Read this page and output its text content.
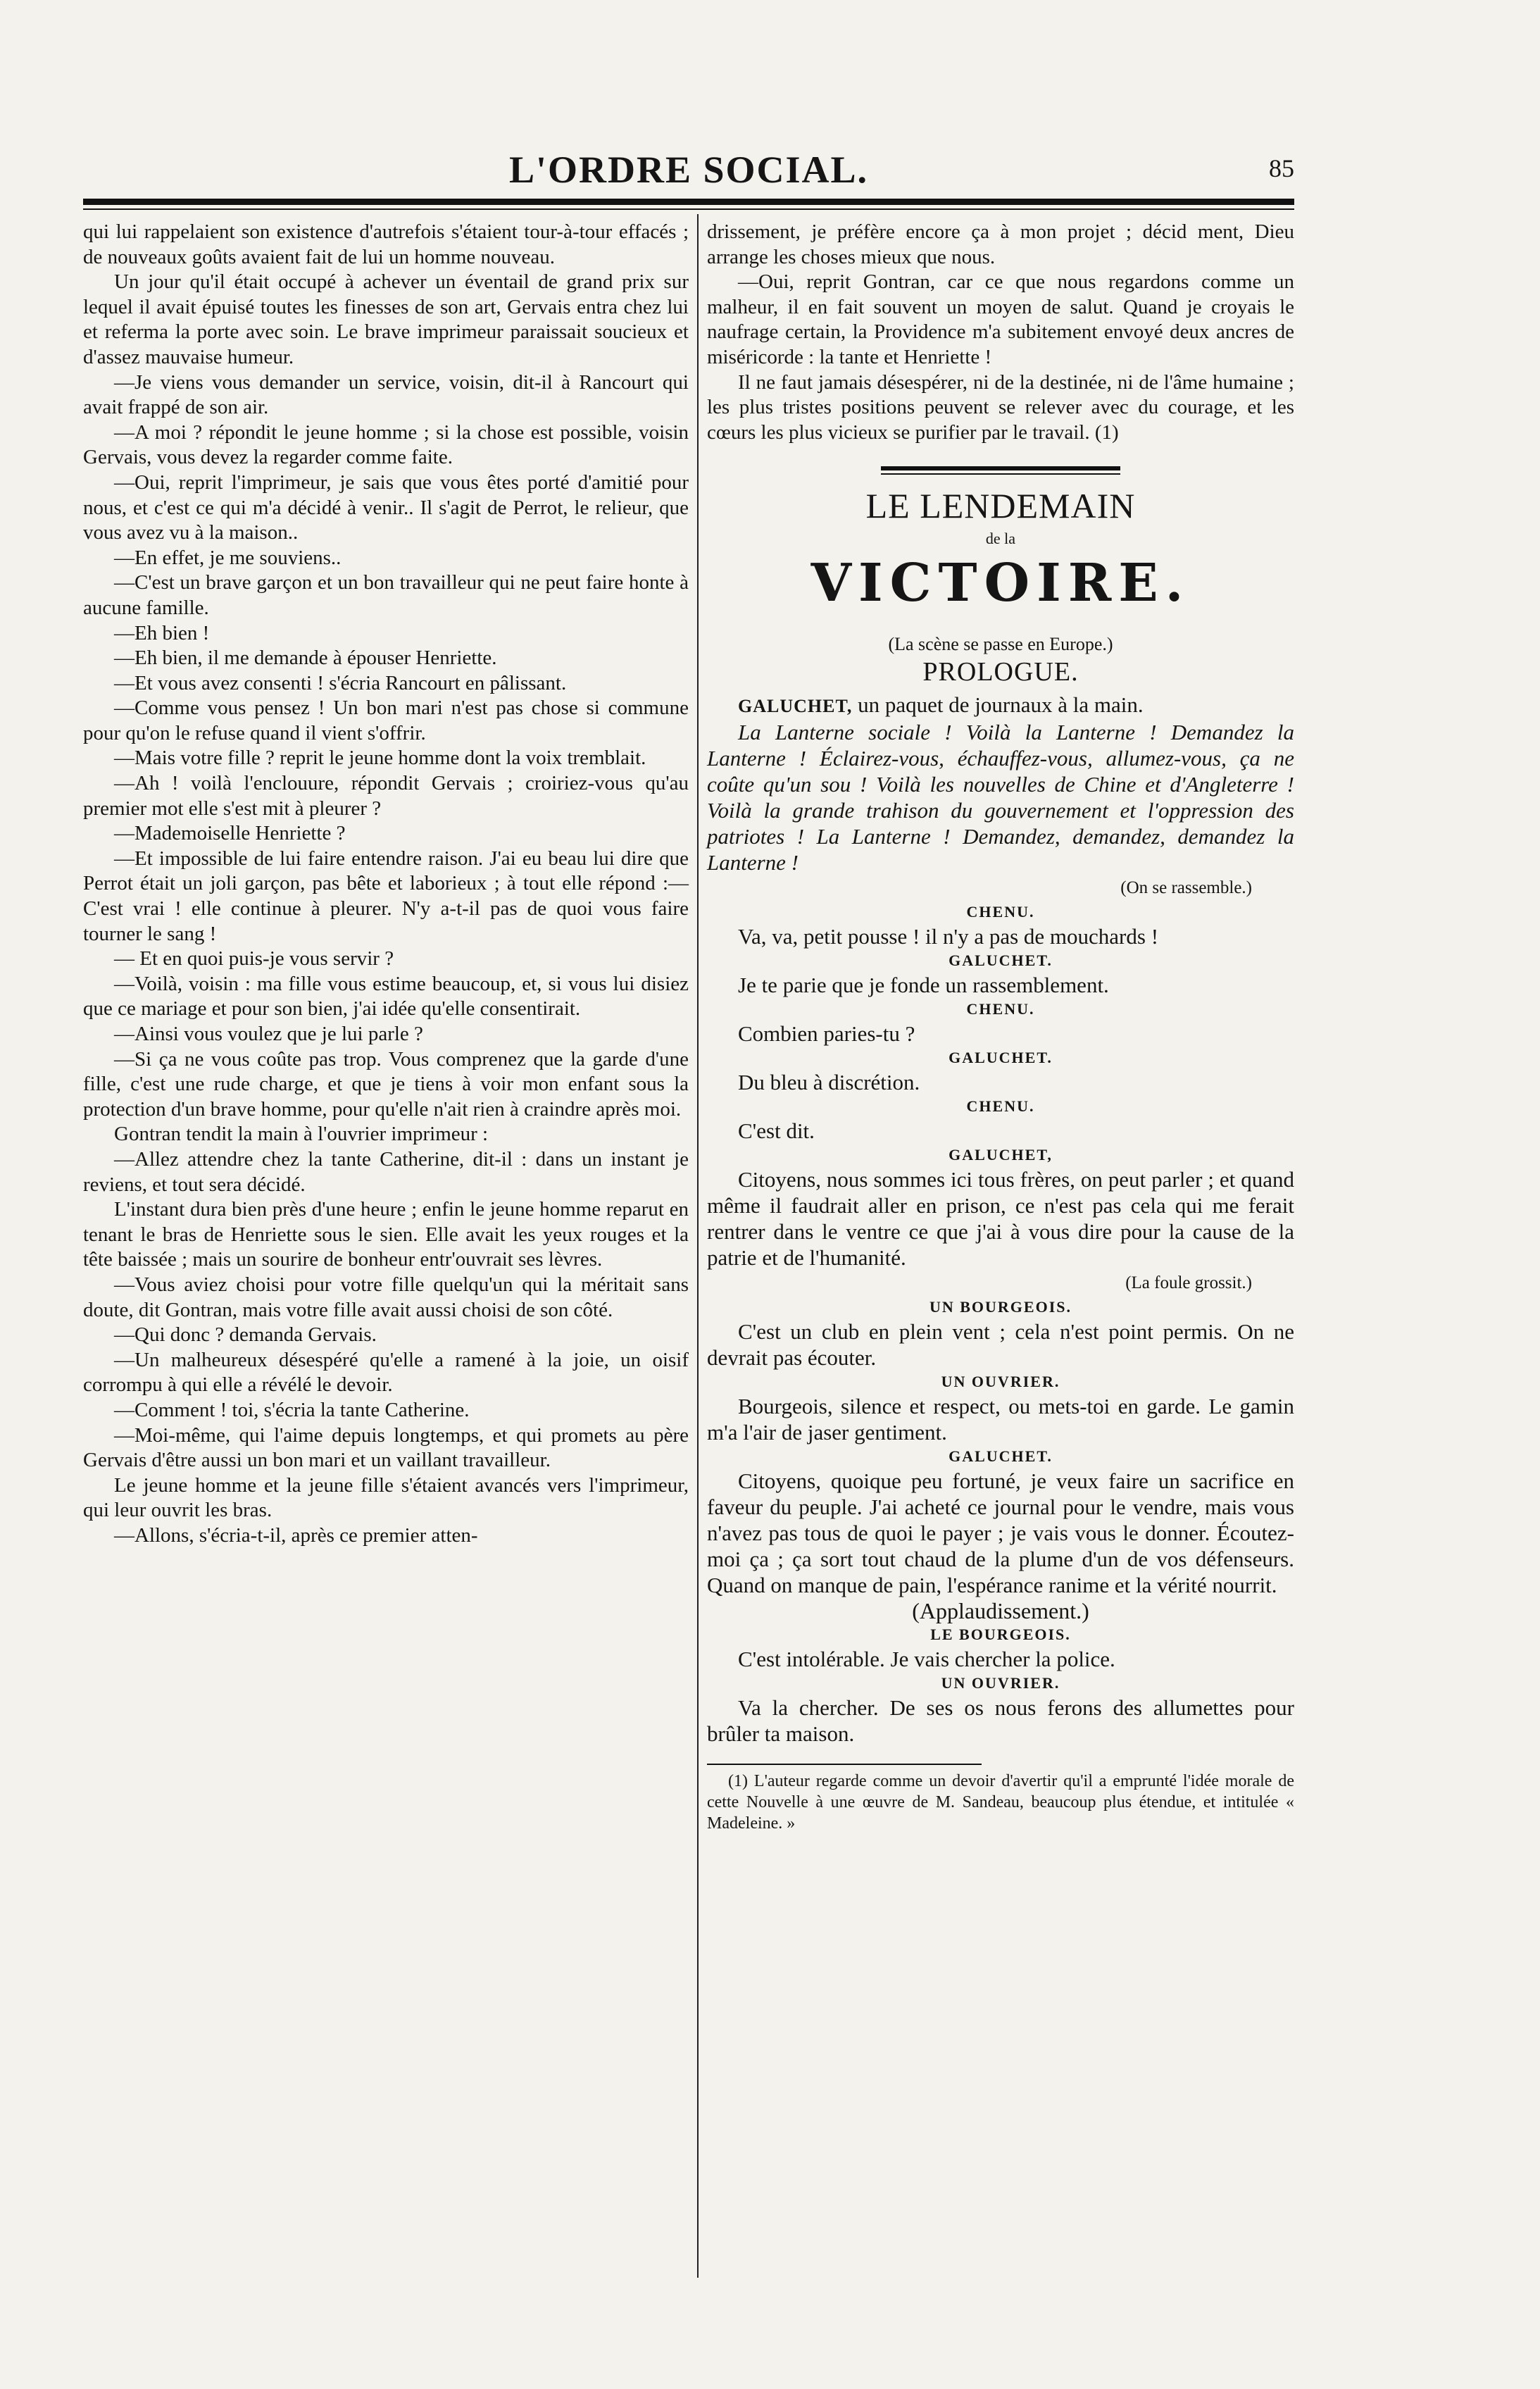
L'ORDRE SOCIAL.	85

qui lui rappelaient son existence d'autrefois s'étaient tour-à-tour effacés ; de nouveaux goûts avaient fait de lui un homme nouveau.

Un jour qu'il était occupé à achever un éventail de grand prix sur lequel il avait épuisé toutes les finesses de son art, Gervais entra chez lui et referma la porte avec soin. Le brave imprimeur paraissait soucieux et d'assez mauvaise humeur.

—Je viens vous demander un service, voisin, dit-il à Rancourt qui avait frappé de son air.

—A moi ? répondit le jeune homme ; si la chose est possible, voisin Gervais, vous devez la regarder comme faite.

—Oui, reprit l'imprimeur, je sais que vous êtes porté d'amitié pour nous, et c'est ce qui m'a décidé à venir.. Il s'agit de Perrot, le relieur, que vous avez vu à la maison..

—En effet, je me souviens..

—C'est un brave garçon et un bon travailleur qui ne peut faire honte à aucune famille.

—Eh bien !

—Eh bien, il me demande à épouser Henriette.

—Et vous avez consenti ! s'écria Rancourt en pâlissant.

—Comme vous pensez ! Un bon mari n'est pas chose si commune pour qu'on le refuse quand il vient s'offrir.

—Mais votre fille ? reprit le jeune homme dont la voix tremblait.

—Ah ! voilà l'enclouure, répondit Gervais ; croiriez-vous qu'au premier mot elle s'est mit à pleurer ?

—Mademoiselle Henriette ?

—Et impossible de lui faire entendre raison. J'ai eu beau lui dire que Perrot était un joli garçon, pas bête et laborieux ; à tout elle répond :—C'est vrai ! elle continue à pleurer. N'y a-t-il pas de quoi vous faire tourner le sang !

— Et en quoi puis-je vous servir ?

—Voilà, voisin : ma fille vous estime beaucoup, et, si vous lui disiez que ce mariage et pour son bien, j'ai idée qu'elle consentirait.

—Ainsi vous voulez que je lui parle ?

—Si ça ne vous coûte pas trop. Vous comprenez que la garde d'une fille, c'est une rude charge, et que je tiens à voir mon enfant sous la protection d'un brave homme, pour qu'elle n'ait rien à craindre après moi.

Gontran tendit la main à l'ouvrier imprimeur :

—Allez attendre chez la tante Catherine, dit-il : dans un instant je reviens, et tout sera décidé.

L'instant dura bien près d'une heure ; enfin le jeune homme reparut en tenant le bras de Henriette sous le sien. Elle avait les yeux rouges et la tête baissée ; mais un sourire de bonheur entr'ouvrait ses lèvres.

—Vous aviez choisi pour votre fille quelqu'un qui la méritait sans doute, dit Gontran, mais votre fille avait aussi choisi de son côté.

—Qui donc ? demanda Gervais.

—Un malheureux désespéré qu'elle a ramené à la joie, un oisif corrompu à qui elle a révélé le devoir.

—Comment ! toi, s'écria la tante Catherine.

—Moi-même, qui l'aime depuis longtemps, et qui promets au père Gervais d'être aussi un bon mari et un vaillant travailleur.

Le jeune homme et la jeune fille s'étaient avancés vers l'imprimeur, qui leur ouvrit les bras.

—Allons, s'écria-t-il, après ce premier atten-

drissement, je préfère encore ça à mon projet ; décid ment, Dieu arrange les choses mieux que nous.

—Oui, reprit Gontran, car ce que nous regardons comme un malheur, il en fait souvent un moyen de salut. Quand je croyais le naufrage certain, la Providence m'a subitement envoyé deux ancres de miséricorde : la tante et Henriette !

Il ne faut jamais désespérer, ni de la destinée, ni de l'âme humaine ; les plus tristes positions peuvent se relever avec du courage, et les cœurs les plus vicieux se purifier par le travail. (1)

LE LENDEMAIN
de la
VICTOIRE.
(La scène se passe en Europe.)
PROLOGUE.

GALUCHET, un paquet de journaux à la main.

La Lanterne sociale ! Voilà la Lanterne ! Demandez la Lanterne ! Éclairez-vous, échauffez-vous, allumez-vous, ça ne coûte qu'un sou ! Voilà les nouvelles de Chine et d'Angleterre ! Voilà la grande trahison du gouvernement et l'oppression des patriotes ! La Lanterne ! Demandez, demandez, demandez la Lanterne !

(On se rassemble.)
CHENU.

Va, va, petit pousse ! il n'y a pas de mouchards !

GALUCHET.

Je te parie que je fonde un rassemblement.

CHENU.

Combien paries-tu ?

GALUCHET.

Du bleu à discrétion.

CHENU.

C'est dit.

GALUCHET,

Citoyens, nous sommes ici tous frères, on peut parler ; et quand même il faudrait aller en prison, ce n'est pas cela qui me ferait rentrer dans le ventre ce que j'ai à vous dire pour la cause de la patrie et de l'humanité.

(La foule grossit.)
UN BOURGEOIS.

C'est un club en plein vent ; cela n'est point permis. On ne devrait pas écouter.

UN OUVRIER.

Bourgeois, silence et respect, ou mets-toi en garde. Le gamin m'a l'air de jaser gentiment.

GALUCHET.

Citoyens, quoique peu fortuné, je veux faire un sacrifice en faveur du peuple. J'ai acheté ce journal pour le vendre, mais vous n'avez pas tous de quoi le payer ; je vais vous le donner. Écoutez-moi ça ; ça sort tout chaud de la plume d'un de vos défenseurs. Quand on manque de pain, l'espérance ranime et la vérité nourrit.

(Applaudissement.)
LE BOURGEOIS.

C'est intolérable. Je vais chercher la police.

UN OUVRIER.

Va la chercher. De ses os nous ferons des allumettes pour brûler ta maison.

(1) L'auteur regarde comme un devoir d'avertir qu'il a emprunté l'idée morale de cette Nouvelle à une œuvre de M. Sandeau, beaucoup plus étendue, et intitulée « Madeleine. »
